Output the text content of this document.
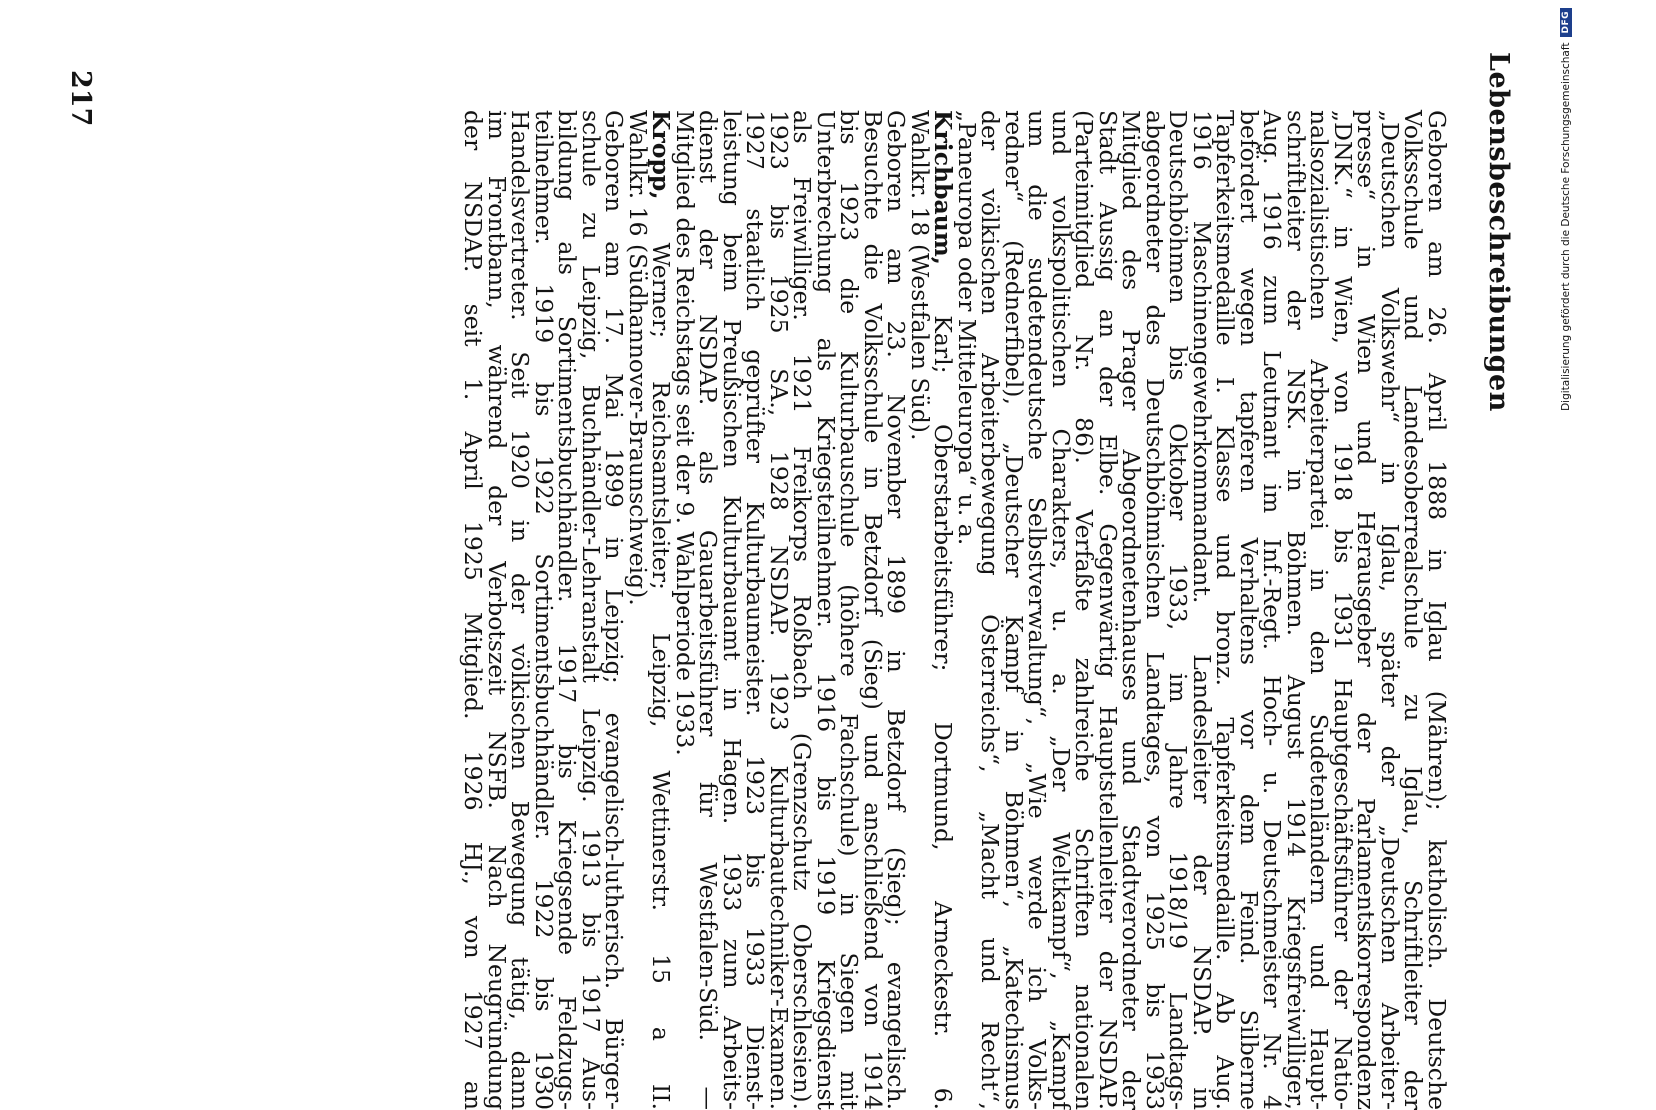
Lebensbeschreibungen
Geboren am 26. April 1888 in Iglau (Mähren); katholisch. Deutsche
Volksschule und Landesoberrealschule zu Iglau, Schriftleiter der
„Deutschen Volkswehr“ in Iglau, später der „Deutschen Arbeiter-
presse“ in Wien und Herausgeber der Parlamentskorrespondenz
„DNK.“ in Wien, von 1918 bis 1931 Hauptgeschäftsführer der Natio-
nalsozialistischen Arbeiterpartei in den Sudetenländern und Haupt-
schriftleiter der NSK. in Böhmen. August 1914 Kriegsfreiwilliger,
Aug. 1916 zum Leutnant im Inf.-Regt. Hoch- u. Deutschmeister Nr. 4
befördert wegen tapferen Verhaltens vor dem Feind. Silberne
Tapferkeitsmedaille I. Klasse und bronz. Tapferkeitsmedaille. Ab Aug.
1916 Maschinengewehrkommandant. Landesleiter der NSDAP. in
Deutschböhmen bis Oktober 1933, im Jahre 1918/19 Landtags-
abgeordneter des Deutschböhmischen Landtages, von 1925 bis 1933
Mitglied des Prager Abgeordnetenhauses und Stadtverordneter der
Stadt Aussig an der Elbe. Gegenwärtig Hauptstellenleiter der NSDAP.
(Parteimitglied Nr. 86). Verfaßte zahlreiche Schriften nationalen
und volkspolitischen Charakters, u. a. „Der Weltkampf“, „Kampf
um die sudetendeutsche Selbstverwaltung“, „Wie werde ich Volks-
redner“ (Rednerfibel), „Deutscher Kampf in Böhmen“, „Katechismus
der völkischen Arbeiterbewegung Österreichs“, „Macht und Recht“,
„Paneuropa oder Mitteleuropa“ u. a.
Krichbaum, Karl; Oberstarbeitsführer; Dortmund, Arneckestr. 6.
Wahlkr. 18 (Westfalen Süd).
Geboren am 23. November 1899 in Betzdorf (Sieg); evangelisch.
Besuchte die Volksschule in Betzdorf (Sieg) und anschließend von 1914
bis 1923 die Kulturbauschule (höhere Fachschule) in Siegen mit
Unterbrechung als Kriegsteilnehmer. 1916 bis 1919 Kriegsdienst
als Freiwilliger. 1921 Freikorps Roßbach (Grenzschutz Oberschlesien).
1923 bis 1925 SA., 1928 NSDAP. 1923 Kulturbautechniker-Examen.
1927 staatlich geprüfter Kulturbaumeister. 1923 bis 1933 Dienst-
leistung beim Preußischen Kulturbauamt in Hagen. 1933 zum Arbeits-
dienst der NSDAP. als Gauarbeitsführer für Westfalen-Süd. —
Mitglied des Reichstags seit der 9. Wahlperiode 1933.
Kropp, Werner; Reichsamtsleiter; Leipzig, Wettinerstr. 15 a II.
Wahlkr. 16 (Südhannover-Braunschweig).
Geboren am 17. Mai 1899 in Leipzig; evangelisch-lutherisch. Bürger-
schule zu Leipzig, Buchhändler-Lehranstalt Leipzig. 1913 bis 1917 Aus-
bildung als Sortimentsbuchhändler. 1917 bis Kriegsende Feldzugs-
teilnehmer. 1919 bis 1922 Sortimentsbuchhändler. 1922 bis 1930
Handelsvertreter. Seit 1920 in der völkischen Bewegung tätig, dann
im Frontbann, während der Verbotszeit NSFB. Nach Neugründung
der NSDAP. seit 1. April 1925 Mitglied. 1926 HJ., von 1927 an
217	Digitalisierung gefördert durch die Deutsche Forschungsgemeinschaft
DFG
